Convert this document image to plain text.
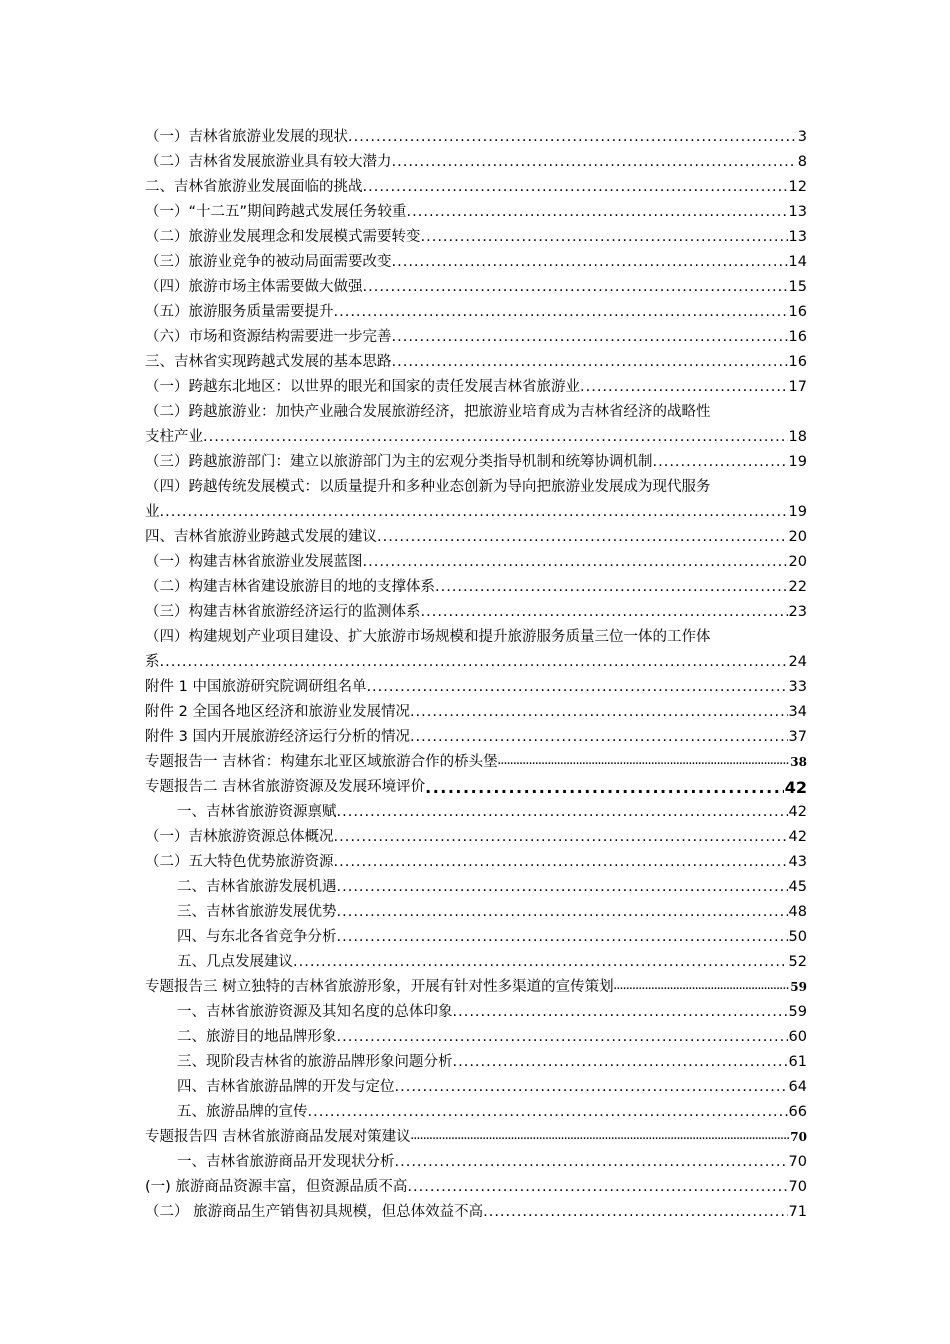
（一）吉林省旅游业发展的现状 .....	3
（二）吉林省发展旅游业具有较大潜力 .....	8
二、吉林省旅游业发展面临的挑战 .....	12
（一）“十二五”期间跨越式发展任务较重 .....	13
（二）旅游业发展理念和发展模式需要转变 .....	13
（三）旅游业竞争的被动局面需要改变 .....	14
（四）旅游市场主体需要做大做强 .....	15
（五）旅游服务质量需要提升 .....	16
（六）市场和资源结构需要进一步完善 .....	16
三、吉林省实现跨越式发展的基本思路 .....	16
（一）跨越东北地区：以世界的眼光和国家的责任发展吉林省旅游业 .....	17
（二）跨越旅游业：加快产业融合发展旅游经济，把旅游业培育成为吉林省经济的战略性
支柱产业 .....	18
（三）跨越旅游部门：建立以旅游部门为主的宏观分类指导机制和统筹协调机制 .....	19
（四）跨越传统发展模式：以质量提升和多种业态创新为导向把旅游业发展成为现代服务
业 .....	19
四、吉林省旅游业跨越式发展的建议 .....	20
（一）构建吉林省旅游业发展蓝图 .....	20
（二）构建吉林省建设旅游目的地的支撑体系 .....	22
（三）构建吉林省旅游经济运行的监测体系 .....	23
（四）构建规划产业项目建设、扩大旅游市场规模和提升旅游服务质量三位一体的工作体
系 .....	24
附件 1 中国旅游研究院调研组名单 .....	33
附件 2 全国各地区经济和旅游业发展情况 .....	34
附件 3 国内开展旅游经济运行分析的情况 .....	37
专题报告一 吉林省：构建东北亚区域旅游合作的桥头堡 .....	38
专题报告二 吉林省旅游资源及发展环境评价 .....	42
一、吉林省旅游资源禀赋 .....	42
（一）吉林旅游资源总体概况 .....	42
（二）五大特色优势旅游资源 .....	43
二、吉林省旅游发展机遇 .....	45
三、吉林省旅游发展优势 .....	48
四、与东北各省竞争分析 .....	50
五、几点发展建议 .....	52
专题报告三 树立独特的吉林省旅游形象，开展有针对性多渠道的宣传策划 .....	59
一、吉林省旅游资源及其知名度的总体印象 .....	59
二、旅游目的地品牌形象 .....	60
三、现阶段吉林省的旅游品牌形象问题分析 .....	61
四、吉林省旅游品牌的开发与定位 .....	64
五、旅游品牌的宣传 .....	66
专题报告四 吉林省旅游商品发展对策建议 .....	70
一、吉林省旅游商品开发现状分析 .....	70
(一) 旅游商品资源丰富，但资源品质不高 .....	70
（二） 旅游商品生产销售初具规模，但总体效益不高 .....	71
